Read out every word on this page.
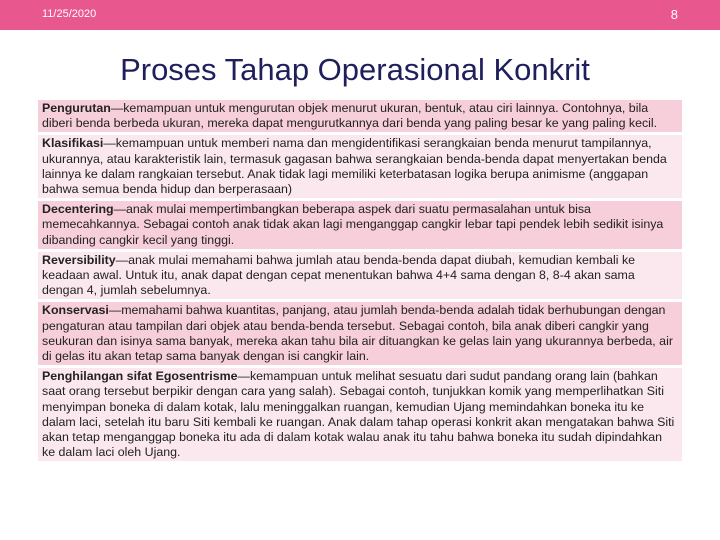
11/25/2020	8
Proses Tahap Operasional Konkrit
Pengurutan—kemampuan untuk mengurutan objek menurut ukuran, bentuk, atau ciri lainnya. Contohnya, bila diberi benda berbeda ukuran, mereka dapat mengurutkannya dari benda yang paling besar ke yang paling kecil.
Klasifikasi—kemampuan untuk memberi nama dan mengidentifikasi serangkaian benda menurut tampilannya, ukurannya, atau karakteristik lain, termasuk gagasan bahwa serangkaian benda-benda dapat menyertakan benda lainnya ke dalam rangkaian tersebut. Anak tidak lagi memiliki keterbatasan logika berupa animisme (anggapan bahwa semua benda hidup dan berperasaan)
Decentering—anak mulai mempertimbangkan beberapa aspek dari suatu permasalahan untuk bisa memecahkannya. Sebagai contoh anak tidak akan lagi menganggap cangkir lebar tapi pendek lebih sedikit isinya dibanding cangkir kecil yang tinggi.
Reversibility—anak mulai memahami bahwa jumlah atau benda-benda dapat diubah, kemudian kembali ke keadaan awal. Untuk itu, anak dapat dengan cepat menentukan bahwa 4+4 sama dengan 8, 8-4 akan sama dengan 4, jumlah sebelumnya.
Konservasi—memahami bahwa kuantitas, panjang, atau jumlah benda-benda adalah tidak berhubungan dengan pengaturan atau tampilan dari objek atau benda-benda tersebut. Sebagai contoh, bila anak diberi cangkir yang seukuran dan isinya sama banyak, mereka akan tahu bila air dituangkan ke gelas lain yang ukurannya berbeda, air di gelas itu akan tetap sama banyak dengan isi cangkir lain.
Penghilangan sifat Egosentrisme—kemampuan untuk melihat sesuatu dari sudut pandang orang lain (bahkan saat orang tersebut berpikir dengan cara yang salah). Sebagai contoh, tunjukkan komik yang memperlihatkan Siti menyimpan boneka di dalam kotak, lalu meninggalkan ruangan, kemudian Ujang memindahkan boneka itu ke dalam laci, setelah itu baru Siti kembali ke ruangan. Anak dalam tahap operasi konkrit akan mengatakan bahwa Siti akan tetap menganggap boneka itu ada di dalam kotak walau anak itu tahu bahwa boneka itu sudah dipindahkan ke dalam laci oleh Ujang.
